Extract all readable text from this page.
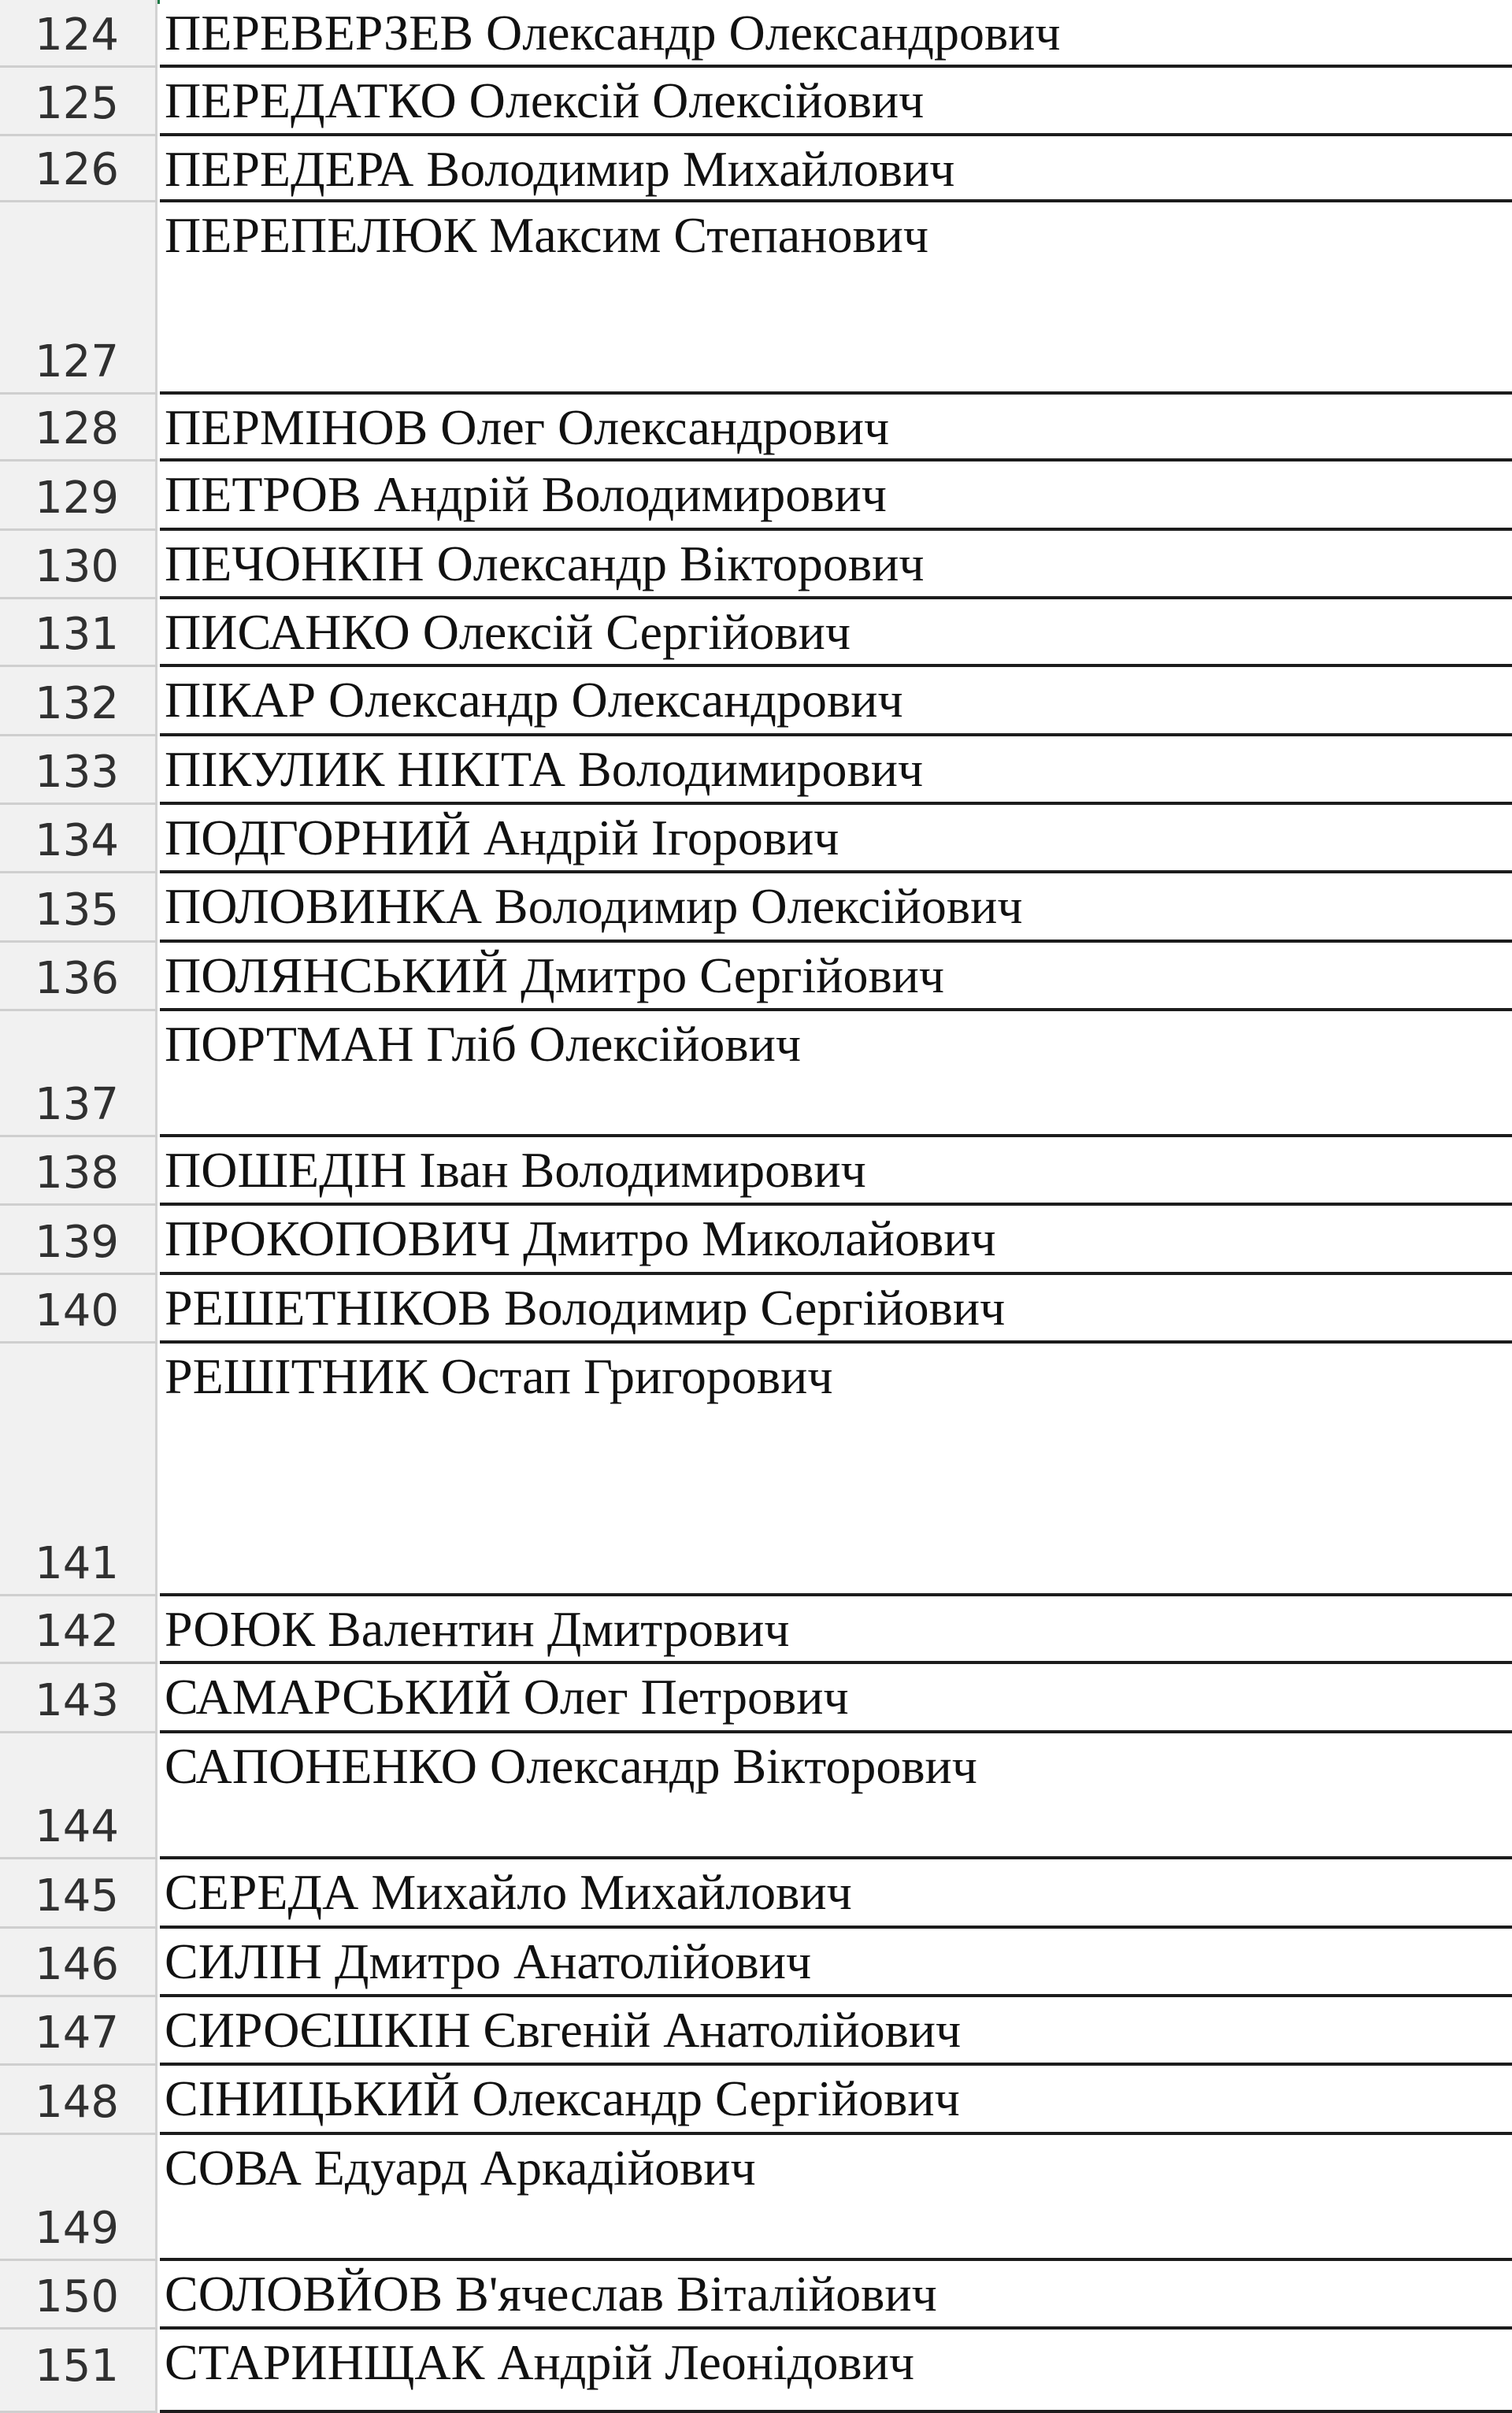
124 ПЕРЕВЕРЗЕВ Олександр Олександрович
125 ПЕРЕДАТКО Олексій Олексійович
126 ПЕРЕДЕРА Володимир Михайлович
127
ПЕРЕПЕЛЮК Максим Степанович
128 ПЕРМІНОВ Олег Олександрович
129 ПЕТРОВ Андрій Володимирович
130 ПЕЧОНКІН Олександр Вікторович
131 ПИСАНКО Олексій Сергійович
132 ПІКАР Олександр Олександрович
133 ПІКУЛИК НІКІТА Володимирович
134 ПОДГОРНИЙ Андрій Ігорович
135 ПОЛОВИНКА Володимир Олексійович
136 ПОЛЯНСЬКИЙ Дмитро Сергійович
137
ПОРТМАН Гліб Олексійович
138 ПОШЕДІН Іван Володимирович
139 ПРОКОПОВИЧ Дмитро Миколайович
140 РЕШЕТНІКОВ Володимир Сергійович
141
РЕШІТНИК Остап Григорович
142 РОЮК Валентин Дмитрович
143 САМАРСЬКИЙ Олег Петрович
144
САПОНЕНКО Олександр Вікторович
145 СЕРЕДА Михайло Михайлович
146 СИЛІН Дмитро Анатолійович
147 СИРОЄШКІН Євгеній Анатолійович
148 СІНИЦЬКИЙ Олександр Сергійович
149
СОВА Едуард Аркадійович
150 СОЛОВЙОВ В'ячеслав Віталійович
151 СТАРИНЩАК Андрій Леонідович
